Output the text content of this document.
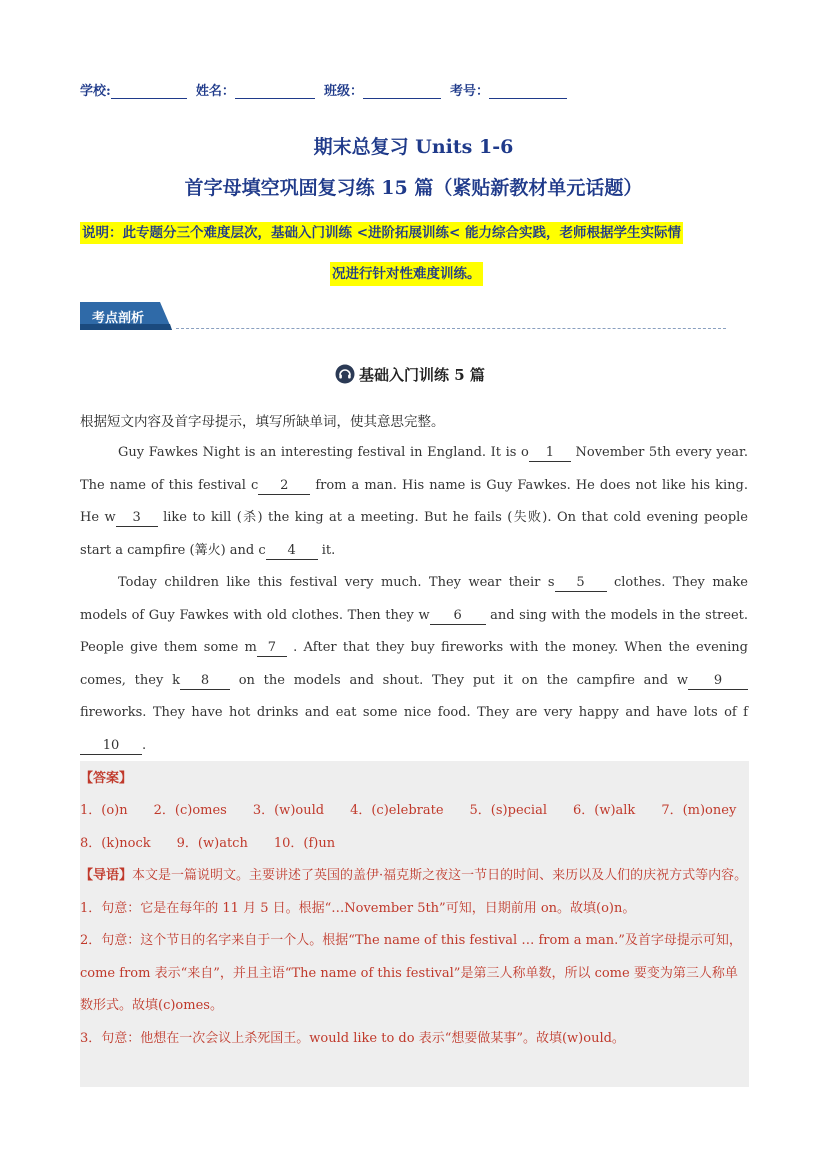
学校:	姓名：	班级：	考号：
期末总复习 Units 1-6
首字母填空巩固复习练 15 篇（紧贴新教材单元话题）
说明：此专题分三个难度层次，基础入门训练 <进阶拓展训练< 能力综合实践，老师根据学生实际情
况进行针对性难度训练。
考点剖析
基础入门训练 5 篇
根据短文内容及首字母提示，填写所缺单词，使其意思完整。
Guy Fawkes Night is an interesting festival in England. It is o 1 November 5th every year. The name of this festival c 2 from a man. His name is Guy Fawkes. He does not like his king. He w 3 like to kill (杀) the king at a meeting. But he fails (失败). On that cold evening people start a campfire (篝火) and c 4 it.
Today children like this festival very much. They wear their s 5 clothes. They make models of Guy Fawkes with old clothes. Then they w 6 and sing with the models in the street. People give them some m 7 . After that they buy fireworks with the money. When the evening comes, they k 8 on the models and shout. They put it on the campfire and w 9 fireworks. They have hot drinks and eat some nice food. They are very happy and have lots of f10 .
【答案】
1．(o)n 2．(c)omes 3．(w)ould 4．(c)elebrate 5．(s)pecial 6．(w)alk 7．(m)oney
8．(k)nock 9．(w)atch 10．(f)un
【导语】本文是一篇说明文。主要讲述了英国的盖伊·福克斯之夜这一节日的时间、来历以及人们的庆祝方式等内容。
1．句意：它是在每年的 11 月 5 日。根据“…November 5th”可知，日期前用 on。故填(o)n。
2．句意：这个节日的名字来自于一个人。根据“The name of this festival … from a man.”及首字母提示可知，come from 表示“来自”，并且主语“The name of this festival”是第三人称单数，所以 come 要变为第三人称单数形式。故填(c)omes。
3．句意：他想在一次会议上杀死国王。would like to do 表示“想要做某事”。故填(w)ould。
